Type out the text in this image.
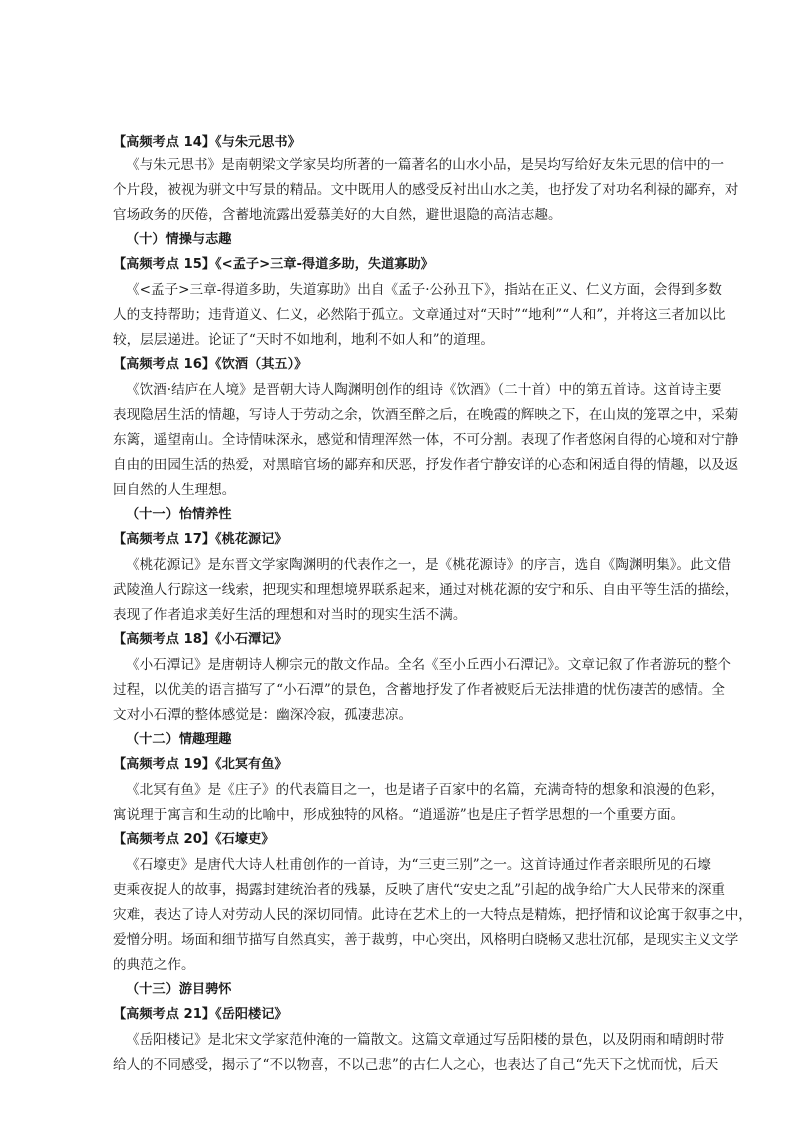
【高频考点 14】《与朱元思书》
《与朱元思书》是南朝梁文学家吴均所著的一篇著名的山水小品，是吴均写给好友朱元思的信中的一
个片段，被视为骈文中写景的精品。文中既用人的感受反衬出山水之美，也抒发了对功名利禄的鄙弃，对
官场政务的厌倦，含蓄地流露出爱慕美好的大自然，避世退隐的高洁志趣。
（十）情操与志趣
【高频考点 15】《<孟子>三章-得道多助，失道寡助》
《<孟子>三章-得道多助，失道寡助》出自《孟子·公孙丑下》，指站在正义、仁义方面，会得到多数
人的支持帮助；违背道义、仁义，必然陷于孤立。文章通过对“天时”“地利”“人和”，并将这三者加以比
较，层层递进。论证了“天时不如地利，地利不如人和”的道理。
【高频考点 16】《饮酒（其五）》
《饮酒·结庐在人境》是晋朝大诗人陶渊明创作的组诗《饮酒》（二十首）中的第五首诗。这首诗主要
表现隐居生活的情趣，写诗人于劳动之余，饮酒至醉之后，在晚霞的辉映之下，在山岚的笼罩之中，采菊
东篱，遥望南山。全诗情味深永，感觉和情理浑然一体，不可分割。表现了作者悠闲自得的心境和对宁静
自由的田园生活的热爱，对黑暗官场的鄙弃和厌恶，抒发作者宁静安详的心态和闲适自得的情趣，以及返
回自然的人生理想。
（十一）怡情养性
【高频考点 17】《桃花源记》
《桃花源记》是东晋文学家陶渊明的代表作之一，是《桃花源诗》的序言，选自《陶渊明集》。此文借
武陵渔人行踪这一线索，把现实和理想境界联系起来，通过对桃花源的安宁和乐、自由平等生活的描绘，
表现了作者追求美好生活的理想和对当时的现实生活不满。
【高频考点 18】《小石潭记》
《小石潭记》是唐朝诗人柳宗元的散文作品。全名《至小丘西小石潭记》。文章记叙了作者游玩的整个
过程，以优美的语言描写了“小石潭”的景色，含蓄地抒发了作者被贬后无法排遣的忧伤凄苦的感情。全
文对小石潭的整体感觉是：幽深冷寂，孤凄悲凉。
（十二）情趣理趣
【高频考点 19】《北冥有鱼》
《北冥有鱼》是《庄子》的代表篇目之一，也是诸子百家中的名篇，充满奇特的想象和浪漫的色彩，
寓说理于寓言和生动的比喻中，形成独特的风格。“逍遥游”也是庄子哲学思想的一个重要方面。
【高频考点 20】《石壕吏》
《石壕吏》是唐代大诗人杜甫创作的一首诗，为“三吏三别”之一。这首诗通过作者亲眼所见的石壕
吏乘夜捉人的故事，揭露封建统治者的残暴，反映了唐代“安史之乱”引起的战争给广大人民带来的深重
灾难，表达了诗人对劳动人民的深切同情。此诗在艺术上的一大特点是精炼，把抒情和议论寓于叙事之中，
爱憎分明。场面和细节描写自然真实，善于裁剪，中心突出，风格明白晓畅又悲壮沉郁，是现实主义文学
的典范之作。
（十三）游目骋怀
【高频考点 21】《岳阳楼记》
《岳阳楼记》是北宋文学家范仲淹的一篇散文。这篇文章通过写岳阳楼的景色，以及阴雨和晴朗时带
给人的不同感受，揭示了“不以物喜，不以己悲”的古仁人之心，也表达了自己“先天下之忧而忧，后天
